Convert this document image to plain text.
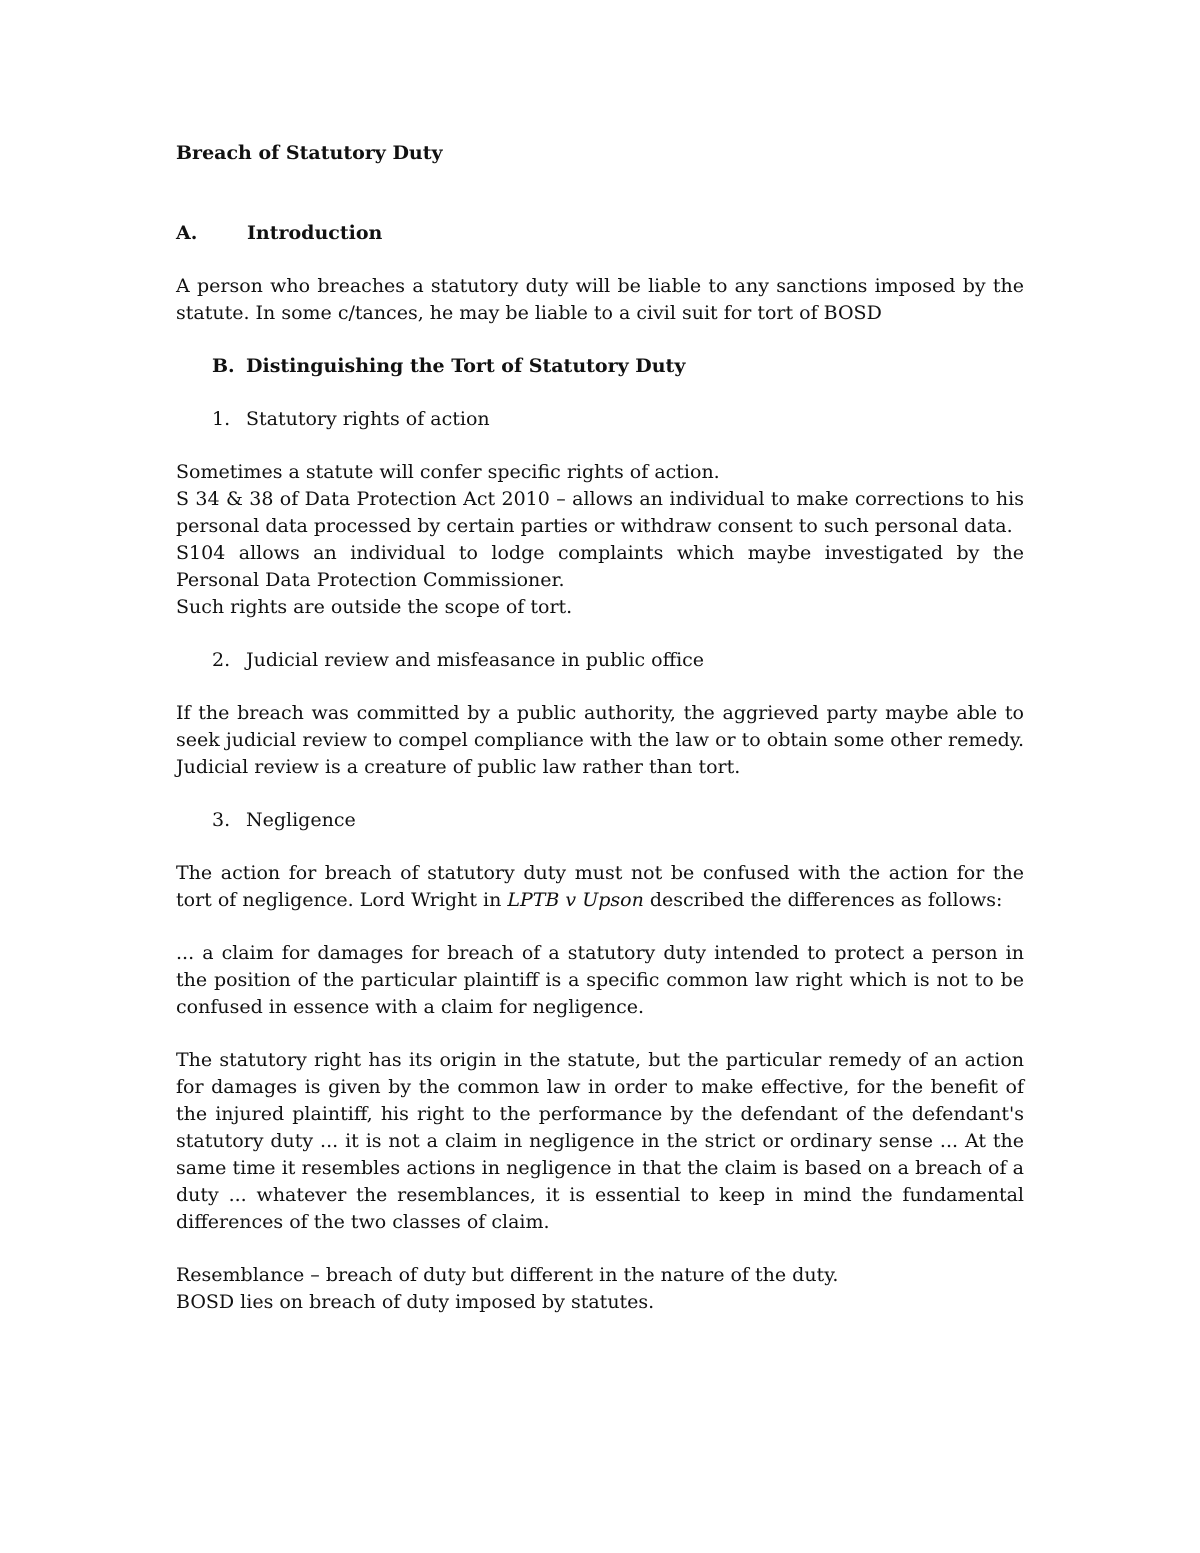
Breach of Statutory Duty
A.	Introduction

A person who breaches a statutory duty will be liable to any sanctions imposed by the statute. In some c/tances, he may be liable to a civil suit for tort of BOSD

B. Distinguishing the Tort of Statutory Duty
1. Statutory rights of action

Sometimes a statute will confer specific rights of action.
S 34 & 38 of Data Protection Act 2010 – allows an individual to make corrections to his personal data processed by certain parties or withdraw consent to such personal data.
S104 allows an individual to lodge complaints which maybe investigated by the Personal Data Protection Commissioner.
Such rights are outside the scope of tort.

2. Judicial review and misfeasance in public office

If the breach was committed by a public authority, the aggrieved party maybe able to seek judicial review to compel compliance with the law or to obtain some other remedy. Judicial review is a creature of public law rather than tort.

3. Negligence

The action for breach of statutory duty must not be confused with the action for the tort of negligence. Lord Wright in LPTB v Upson described the differences as follows:

... a claim for damages for breach of a statutory duty intended to protect a person in the position of the particular plaintiff is a specific common law right which is not to be confused in essence with a claim for negligence.

The statutory right has its origin in the statute, but the particular remedy of an action for damages is given by the common law in order to make effective, for the benefit of the injured plaintiff, his right to the performance by the defendant of the defendant's statutory duty ... it is not a claim in negligence in the strict or ordinary sense ... At the same time it resembles actions in negligence in that the claim is based on a breach of a duty ... whatever the resemblances, it is essential to keep in mind the fundamental differences of the two classes of claim.

Resemblance – breach of duty but different in the nature of the duty.
BOSD lies on breach of duty imposed by statutes.
